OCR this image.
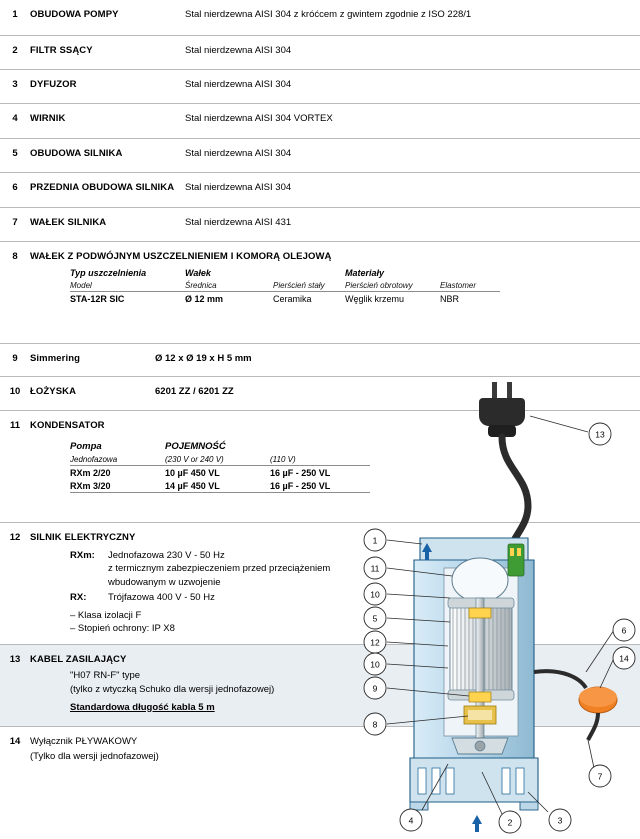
1	OBUDOWA POMPY	Stal nierdzewna AISI 304 z króćcem z gwintem zgodnie z ISO 228/1
2	FILTR SSĄCY	Stal nierdzewna AISI 304
3	DYFUZOR	Stal nierdzewna AISI 304
4	WIRNIK	Stal nierdzewna AISI 304 VORTEX
5	OBUDOWA SILNIKA	Stal nierdzewna AISI 304
6	PRZEDNIA OBUDOWA SILNIKA	Stal nierdzewna AISI 304
7	WAŁEK SILNIKA	Stal nierdzewna AISI 431
8	WAŁEK Z PODWÓJNYM USZCZELNIENIEM I KOMORĄ OLEJOWĄ
Typ uszczelnienia	Wałek		Materiały	
Model	Średnica	Pierścień stały	Pierścień obrotowy	Elastomer

STA-12R SIC	Ø 12 mm	Ceramika	Węglik krzemu	NBR
9	Simmering	Ø 12 x Ø 19 x H 5 mm
10	ŁOŻYSKA	6201 ZZ / 6201 ZZ
11	KONDENSATOR
Pompa	POJEMNOŚĆ	
Jednofazowa	(230 V or 240 V)	(110 V)

RXm 2/20	10 µF 450 VL	16 µF - 250 VL
RXm 3/20	14 µF 450 VL	16 µF - 250 VL

12	SILNIK ELEKTRYCZNY
RXm:	Jednofazowa 230 V - 50 Hz
z termicznym zabezpieczeniem przed przeciążeniem
wbudowanym w uzwojenie
RX:	Trójfazowa 400 V - 50 Hz
– Klasa izolacji F
– Stopień ochrony: IP X8
13	KABEL ZASILAJĄCY
"H07 RN-F" type
(tylko z wtyczką Schuko dla wersji jednofazowej)
Standardowa długość kabla 5 m
14	Wyłącznik PŁYWAKOWY
(Tylko dla wersji jednofazowej)
13
1
11
10
5
12
10
9
8
6
14
7
4	2	3
